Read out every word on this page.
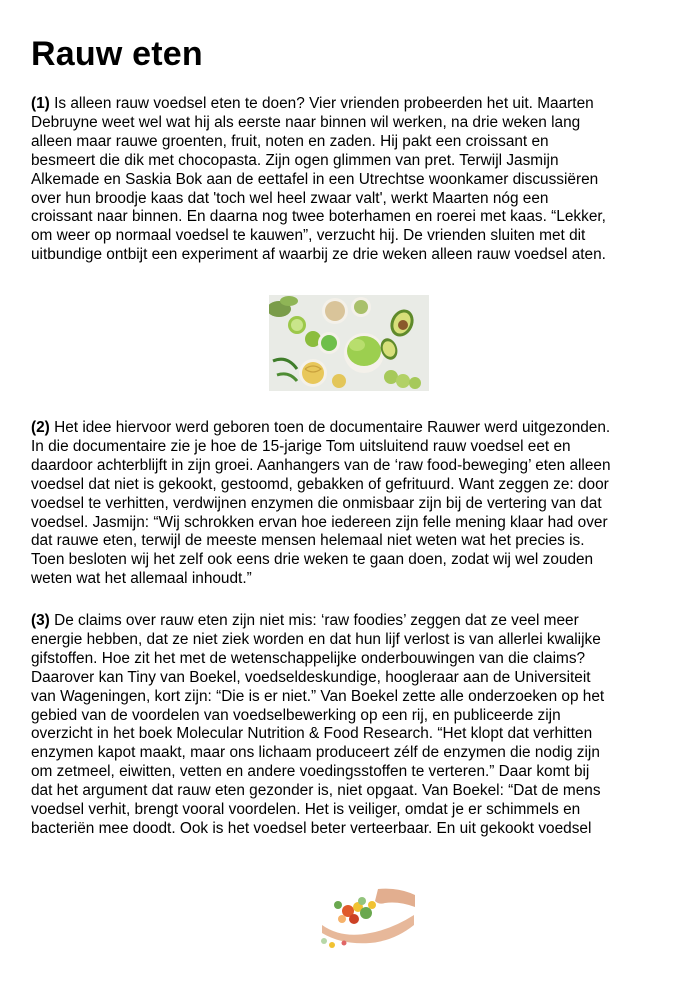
Rauw eten
(1) Is alleen rauw voedsel eten te doen? Vier vrienden probeerden het uit. Maarten
Debruyne weet wel wat hij als eerste naar binnen wil werken, na drie weken lang
alleen maar rauwe groenten, fruit, noten en zaden. Hij pakt een croissant en
besmeert die dik met chocopasta. Zijn ogen glimmen van pret. Terwijl Jasmijn
Alkemade en Saskia Bok aan de eettafel in een Utrechtse woonkamer discussiëren
over hun broodje kaas dat 'toch wel heel zwaar valt', werkt Maarten nóg een
croissant naar binnen. En daarna nog twee boterhamen en roerei met kaas. “Lekker,
om weer op normaal voedsel te kauwen”, verzucht hij. De vrienden sluiten met dit
uitbundige ontbijt een experiment af waarbij ze drie weken alleen rauw voedsel aten.
(2) Het idee hiervoor werd geboren toen de documentaire Rauwer werd uitgezonden.
In die documentaire zie je hoe de 15-jarige Tom uitsluitend rauw voedsel eet en
daardoor achterblijft in zijn groei. Aanhangers van de ‘raw food-beweging’ eten alleen
voedsel dat niet is gekookt, gestoomd, gebakken of gefrituurd. Want zeggen ze: door
voedsel te verhitten, verdwijnen enzymen die onmisbaar zijn bij de vertering van dat
voedsel. Jasmijn: “Wij schrokken ervan hoe iedereen zijn felle mening klaar had over
dat rauwe eten, terwijl de meeste mensen helemaal niet weten wat het precies is.
Toen besloten wij het zelf ook eens drie weken te gaan doen, zodat wij wel zouden
weten wat het allemaal inhoudt.”
(3) De claims over rauw eten zijn niet mis: ‘raw foodies’ zeggen dat ze veel meer
energie hebben, dat ze niet ziek worden en dat hun lijf verlost is van allerlei kwalijke
gifstoffen. Hoe zit het met de wetenschappelijke onderbouwingen van die claims?
Daarover kan Tiny van Boekel, voedseldeskundige, hoogleraar aan de Universiteit
van Wageningen, kort zijn: “Die is er niet.” Van Boekel zette alle onderzoeken op het
gebied van de voordelen van voedselbewerking op een rij, en publiceerde zijn
overzicht in het boek Molecular Nutrition & Food Research. “Het klopt dat verhitten
enzymen kapot maakt, maar ons lichaam produceert zélf de enzymen die nodig zijn
om zetmeel, eiwitten, vetten en andere voedingsstoffen te verteren.” Daar komt bij
dat het argument dat rauw eten gezonder is, niet opgaat. Van Boekel: “Dat de mens
voedsel verhit, brengt vooral voordelen. Het is veiliger, omdat je er schimmels en
bacteriën mee doodt. Ook is het voedsel beter verteerbaar. En uit gekookt voedsel
